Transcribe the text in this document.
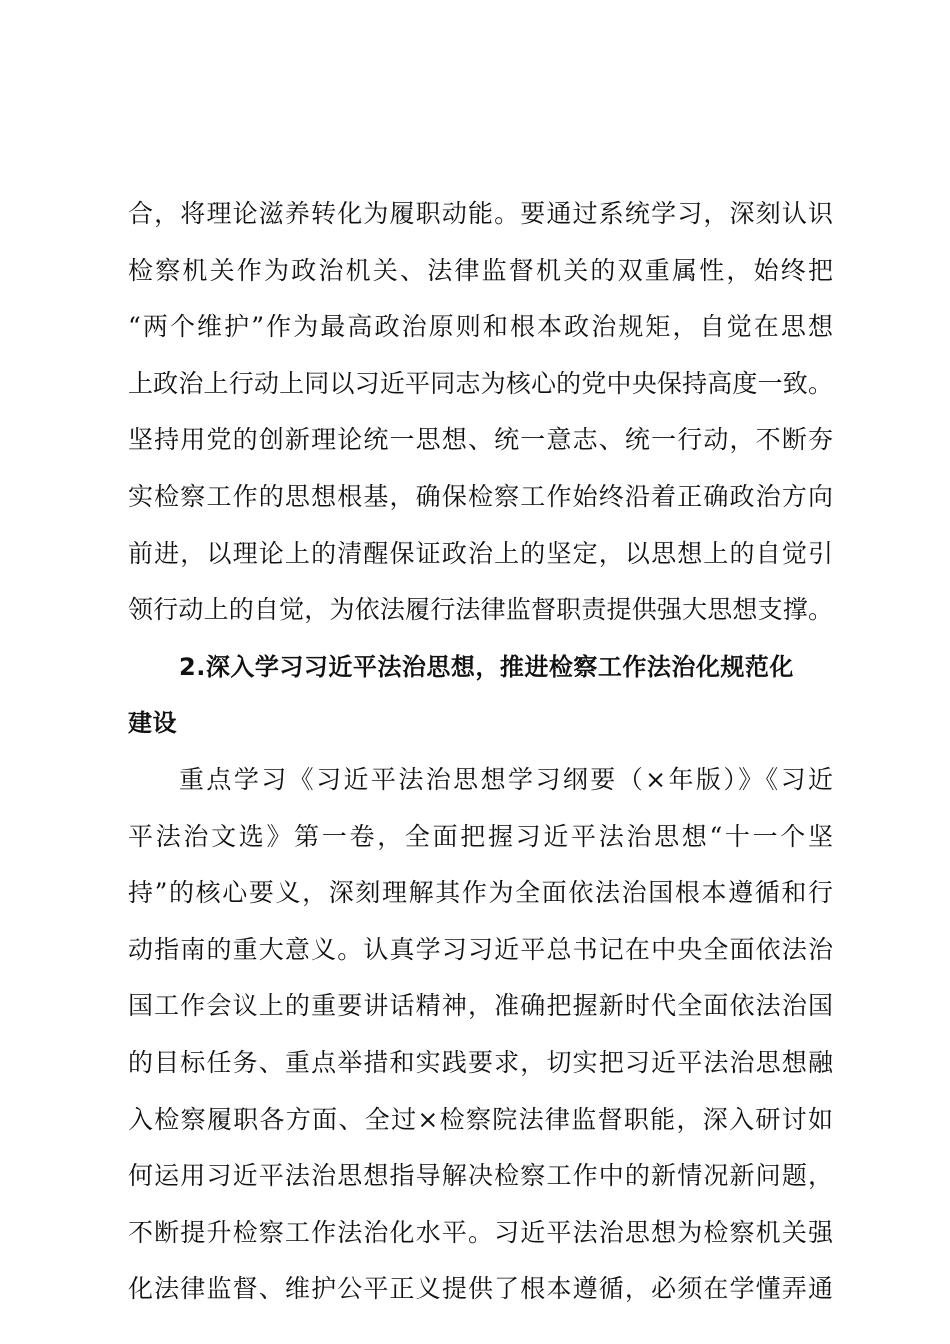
合，将理论滋养转化为履职动能。要通过系统学习，深刻认识
检察机关作为政治机关、法律监督机关的双重属性，始终把
“两个维护”作为最高政治原则和根本政治规矩，自觉在思想
上政治上行动上同以习近平同志为核心的党中央保持高度一致。
坚持用党的创新理论统一思想、统一意志、统一行动，不断夯
实检察工作的思想根基，确保检察工作始终沿着正确政治方向
前进，以理论上的清醒保证政治上的坚定，以思想上的自觉引
领行动上的自觉，为依法履行法律监督职责提供强大思想支撑。
2.深入学习习近平法治思想，推进检察工作法治化规范化
建设
重点学习《习近平法治思想学习纲要（×年版）》《习近
平法治文选》第一卷，全面把握习近平法治思想“十一个坚
持”的核心要义，深刻理解其作为全面依法治国根本遵循和行
动指南的重大意义。认真学习习近平总书记在中央全面依法治
国工作会议上的重要讲话精神，准确把握新时代全面依法治国
的目标任务、重点举措和实践要求，切实把习近平法治思想融
入检察履职各方面、全过×检察院法律监督职能，深入研讨如
何运用习近平法治思想指导解决检察工作中的新情况新问题，
不断提升检察工作法治化水平。习近平法治思想为检察机关强
化法律监督、维护公平正义提供了根本遵循，必须在学懂弄通
